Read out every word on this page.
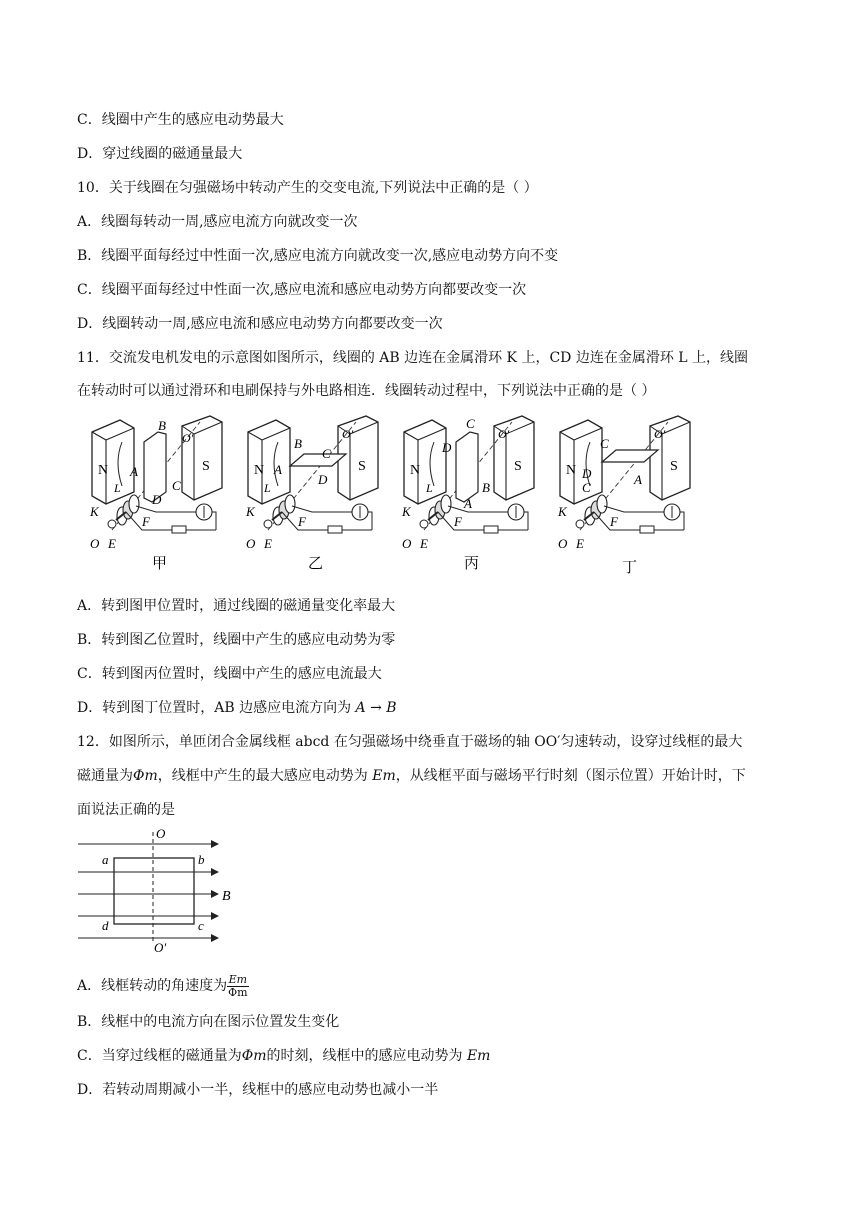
C．线圈中产生的感应电动势最大
D．穿过线圈的磁通量最大
10．关于线圈在匀强磁场中转动产生的交变电流,下列说法中正确的是（ ）
A．线圈每转动一周,感应电流方向就改变一次
B．线圈平面每经过中性面一次,感应电流方向就改变一次,感应电动势方向不变
C．线圈平面每经过中性面一次,感应电流和感应电动势方向都要改变一次
D．线圈转动一周,感应电流和感应电动势方向都要改变一次
11．交流发电机发电的示意图如图所示，线圈的 AB 边连在金属滑环 K 上，CD 边连在金属滑环 L 上，线圈
在转动时可以通过滑环和电刷保持与外电路相连．线圈转动过程中，下列说法中正确的是（ ）
N	S
A
B
C
D
O′
L
K
F
O E
甲
N	S
A
B
C
D
O′
L
K
F
O E
乙
N	S
A
B
C
D
O′
L
K
F
O E
丙
N	S
D
C
C
A
O′
K
F
O E
丁
A．转到图甲位置时，通过线圈的磁通量变化率最大
B．转到图乙位置时，线圈中产生的感应电动势为零
C．转到图丙位置时，线圈中产生的感应电流最大
D．转到图丁位置时，AB 边感应电流方向为 A → B
12．如图所示，单匝闭合金属线框 abcd 在匀强磁场中绕垂直于磁场的轴 OO′匀速转动，设穿过线框的最大
磁通量为Φm，线框中产生的最大感应电动势为 Em，从线框平面与磁场平行时刻（图示位置）开始计时，下
面说法正确的是
O
O′
a	b
c
d
B
A．线框转动的角速度为 $\frac{Em}{\Phi m}$
B．线框中的电流方向在图示位置发生变化
C．当穿过线框的磁通量为Φm的时刻，线框中的感应电动势为 Em
D．若转动周期减小一半，线框中的感应电动势也减小一半
